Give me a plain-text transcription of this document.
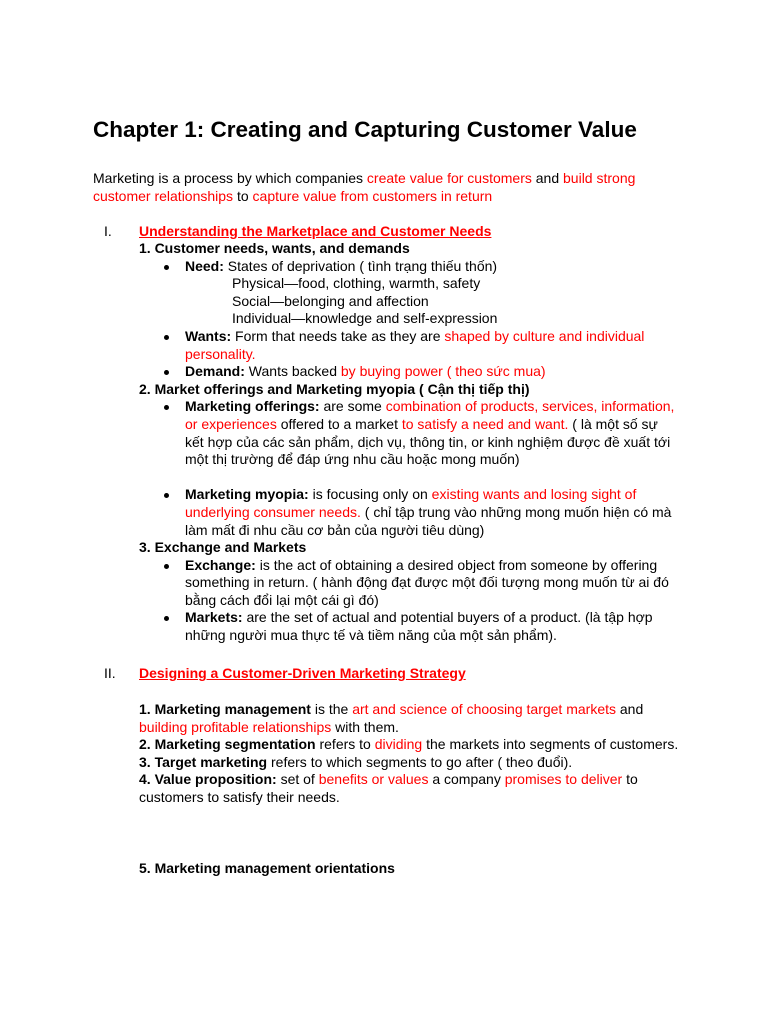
Chapter 1: Creating and Capturing Customer Value
Marketing is a process by which companies create value for customers and build strong customer relationships to capture value from customers in return
I. Understanding the Marketplace and Customer Needs
1. Customer needs, wants, and demands
Need: States of deprivation ( tình trạng thiếu thốn)
Physical—food, clothing, warmth, safety
Social—belonging and affection
Individual—knowledge and self-expression
Wants: Form that needs take as they are shaped by culture and individual personality.
Demand: Wants backed by buying power ( theo sức mua)
2. Market offerings and Marketing myopia ( Cận thị tiếp thị)
Marketing offerings: are some combination of products, services, information, or experiences offered to a market to satisfy a need and want. ( là một số sự kết hợp của các sản phẩm, dịch vụ, thông tin, or kinh nghiệm được đề xuất tới một thị trường để đáp ứng nhu cầu hoặc mong muốn)
Marketing myopia: is focusing only on existing wants and losing sight of underlying consumer needs. ( chỉ tập trung vào những mong muốn hiện có mà làm mất đi nhu cầu cơ bản của người tiêu dùng)
3. Exchange and Markets
Exchange: is the act of obtaining a desired object from someone by offering something in return. ( hành động đạt được một đối tượng mong muốn từ ai đó bằng cách đổi lại một cái gì đó)
Markets: are the set of actual and potential buyers of a product. (là tập hợp những người mua thực tế và tiềm năng của một sản phẩm).
II. Designing a Customer-Driven Marketing Strategy
1. Marketing management is the art and science of choosing target markets and building profitable relationships with them.
2. Marketing segmentation refers to dividing the markets into segments of customers.
3. Target marketing refers to which segments to go after ( theo đuổi).
4. Value proposition: set of benefits or values a company promises to deliver to customers to satisfy their needs.
5. Marketing management orientations
